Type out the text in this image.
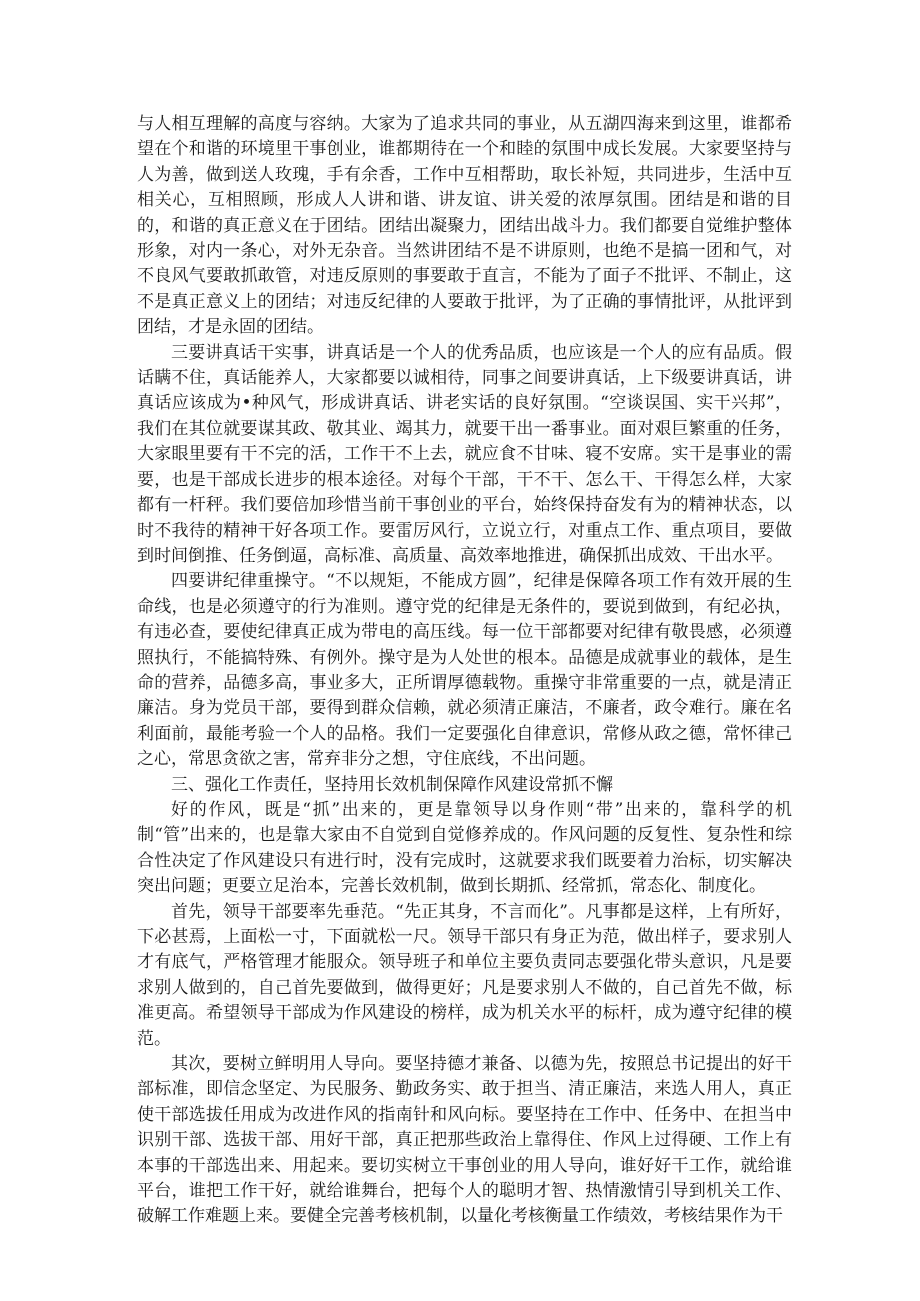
与人相互理解的高度与容纳。大家为了追求共同的事业，从五湖四海来到这里，谁都希望在个和谐的环境里干事创业，谁都期待在一个和睦的氛围中成长发展。大家要坚持与人为善，做到送人玫瑰，手有余香，工作中互相帮助，取长补短，共同进步，生活中互相关心，互相照顾，形成人人讲和谐、讲友谊、讲关爱的浓厚氛围。团结是和谐的目的，和谐的真正意义在于团结。团结出凝聚力，团结出战斗力。我们都要自觉维护整体形象，对内一条心，对外无杂音。当然讲团结不是不讲原则，也绝不是搞一团和气，对不良风气要敢抓敢管，对违反原则的事要敢于直言，不能为了面子不批评、不制止，这不是真正意义上的团结；对违反纪律的人要敢于批评，为了正确的事情批评，从批评到团结，才是永固的团结。

三要讲真话干实事，讲真话是一个人的优秀品质，也应该是一个人的应有品质。假话瞒不住，真话能养人，大家都要以诚相待，同事之间要讲真话，上下级要讲真话，讲真话应该成为•种风气，形成讲真话、讲老实话的良好氛围。“空谈误国、实干兴邦”，我们在其位就要谋其政、敬其业、竭其力，就要干出一番事业。面对艰巨繁重的任务，大家眼里要有干不完的活，工作干不上去，就应食不甘味、寝不安席。实干是事业的需要，也是干部成长进步的根本途径。对每个干部，干不干、怎么干、干得怎么样，大家都有一杆秤。我们要倍加珍惜当前干事创业的平台，始终保持奋发有为的精神状态，以时不我待的精神干好各项工作。要雷厉风行，立说立行，对重点工作、重点项目，要做到时间倒推、任务倒逼，高标准、高质量、高效率地推进，确保抓出成效、干出水平。

四要讲纪律重操守。“不以规矩，不能成方圆”，纪律是保障各项工作有效开展的生命线，也是必须遵守的行为准则。遵守党的纪律是无条件的，要说到做到，有纪必执，有违必查，要使纪律真正成为带电的高压线。每一位干部都要对纪律有敬畏感，必须遵照执行，不能搞特殊、有例外。操守是为人处世的根本。品德是成就事业的载体，是生命的营养，品德多高，事业多大，正所谓厚德载物。重操守非常重要的一点，就是清正廉洁。身为党员干部，要得到群众信赖，就必须清正廉洁，不廉者，政令难行。廉在名利面前，最能考验一个人的品格。我们一定要强化自律意识，常修从政之德，常怀律己之心，常思贪欲之害，常弃非分之想，守住底线，不出问题。

三、强化工作责任，坚持用长效机制保障作风建设常抓不懈

好的作风，既是“抓”出来的，更是靠领导以身作则“带”出来的，靠科学的机制“管”出来的，也是靠大家由不自觉到自觉修养成的。作风问题的反复性、复杂性和综合性决定了作风建设只有进行时，没有完成时，这就要求我们既要着力治标，切实解决突出问题；更要立足治本，完善长效机制，做到长期抓、经常抓，常态化、制度化。

首先，领导干部要率先垂范。“先正其身，不言而化”。凡事都是这样，上有所好，下必甚焉，上面松一寸，下面就松一尺。领导干部只有身正为范，做出样子，要求别人才有底气，严格管理才能服众。领导班子和单位主要负责同志要强化带头意识，凡是要求别人做到的，自己首先要做到，做得更好；凡是要求别人不做的，自己首先不做，标准更高。希望领导干部成为作风建设的榜样，成为机关水平的标杆，成为遵守纪律的模范。

其次，要树立鲜明用人导向。要坚持德才兼备、以德为先，按照总书记提出的好干部标准，即信念坚定、为民服务、勤政务实、敢于担当、清正廉洁，来选人用人，真正使干部选拔任用成为改进作风的指南针和风向标。要坚持在工作中、任务中、在担当中识别干部、选拔干部、用好干部，真正把那些政治上靠得住、作风上过得硬、工作上有本事的干部选出来、用起来。要切实树立干事创业的用人导向，谁好好干工作，就给谁平台，谁把工作干好，就给谁舞台，把每个人的聪明才智、热情激情引导到机关工作、破解工作难题上来。要健全完善考核机制，以量化考核衡量工作绩效，考核结果作为干
